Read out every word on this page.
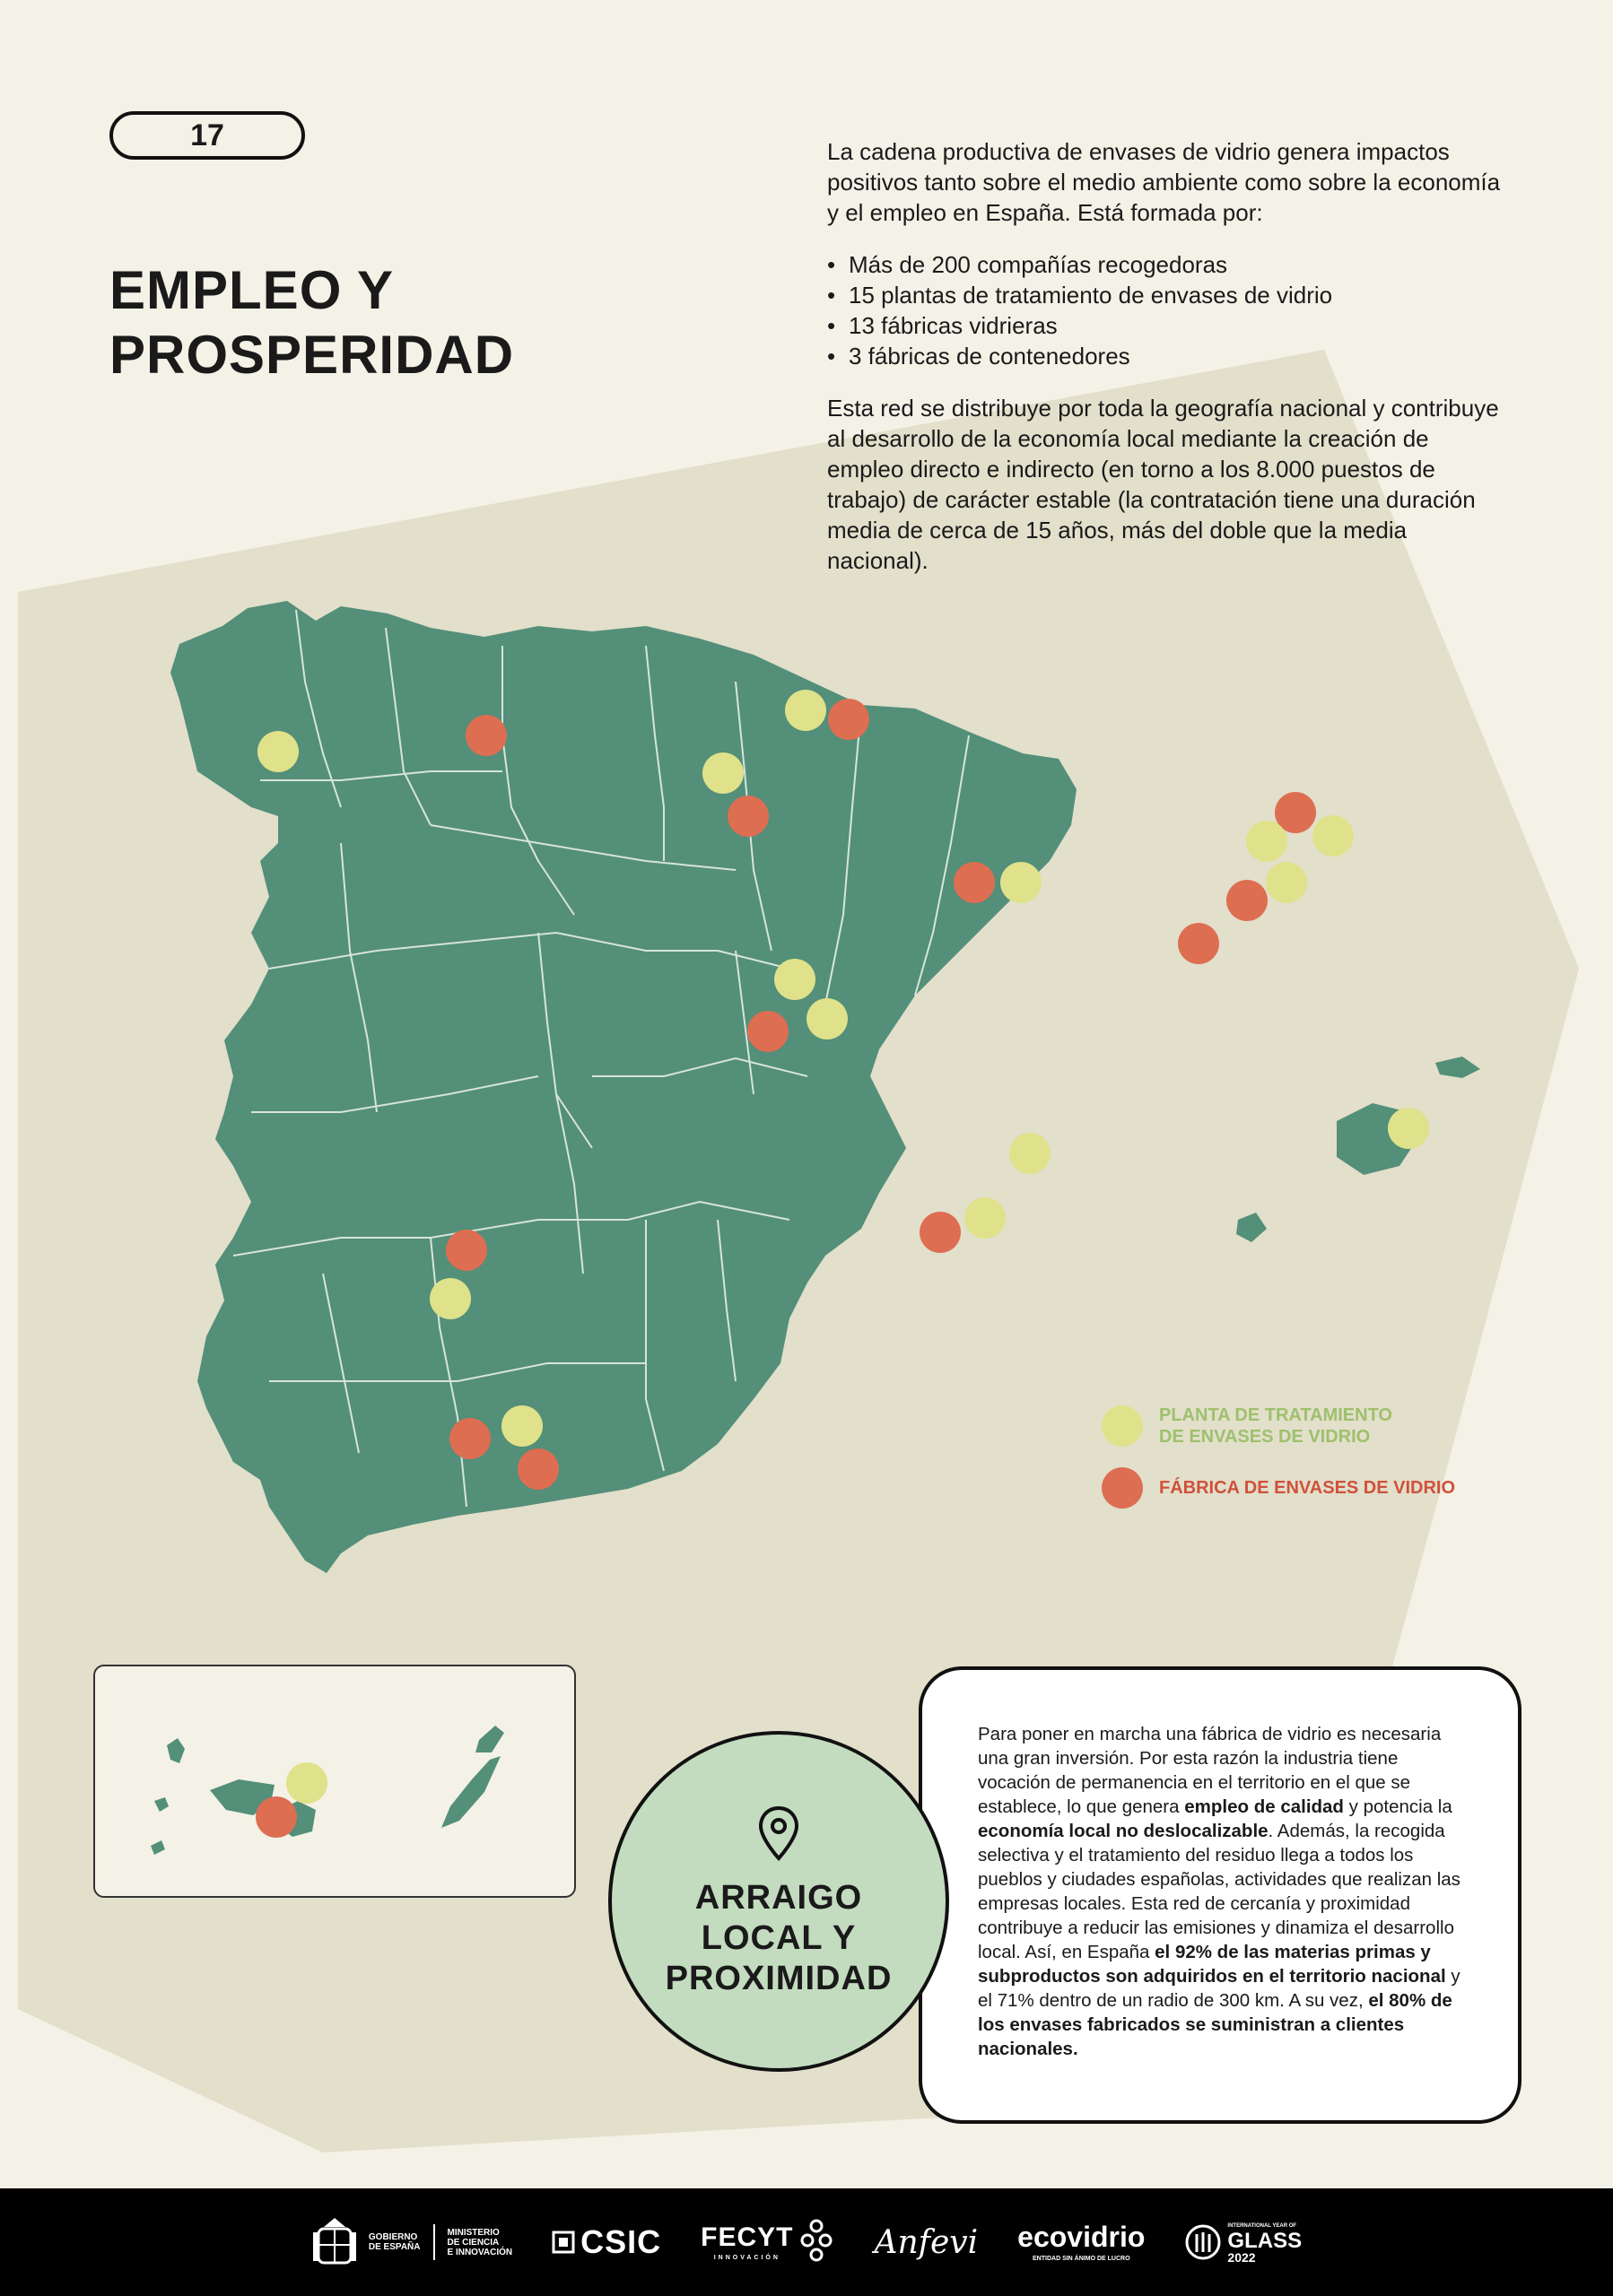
17
EMPLEO Y
PROSPERIDAD

La cadena productiva de envases de vidrio genera impactos positivos tanto sobre el medio ambiente como sobre la economía y el empleo en España. Está formada por:

• Más de 200 compañías recogedoras
• 15 plantas de tratamiento de envases de vidrio
• 13 fábricas vidrieras
• 3 fábricas de contenedores

Esta red se distribuye por toda la geografía nacional y contribuye al desarrollo de la economía local mediante la creación de empleo directo e indirecto (en torno a los 8.000 puestos de trabajo) de carácter estable (la contratación tiene una duración media de cerca de 15 años, más del doble que la media nacional).

PLANTA DE TRATAMIENTO
DE ENVASES DE VIDRIO
FÁBRICA DE ENVASES DE VIDRIO
Para poner en marcha una fábrica de vidrio es necesaria una gran inversión. Por esta razón la industria tiene vocación de permanencia en el territorio en el que se establece, lo que genera empleo de calidad y potencia la economía local no deslocalizable. Además, la recogida selectiva y el tratamiento del residuo llega a todos los pueblos y ciudades españolas, actividades que realizan las empresas locales. Esta red de cercanía y proximidad contribuye a reducir las emisiones y dinamiza el desarrollo local. Así, en España el 92% de las materias primas y subproductos son adquiridos en el territorio nacional y el 71% dentro de un radio de 300 km. A su vez, el 80% de los envases fabricados se suministran a clientes nacionales.
ARRAIGO
LOCAL Y
PROXIMIDAD
GOBIERNO
DE ESPAÑA
MINISTERIO
DE CIENCIA
E INNOVACIÓN CSIC FECYT
INNOVACIÓN	Anfevi ecovidrio
ENTIDAD SIN ÁNIMO DE LUCRO
INTERNATIONAL YEAR OF
GLASS
2022
